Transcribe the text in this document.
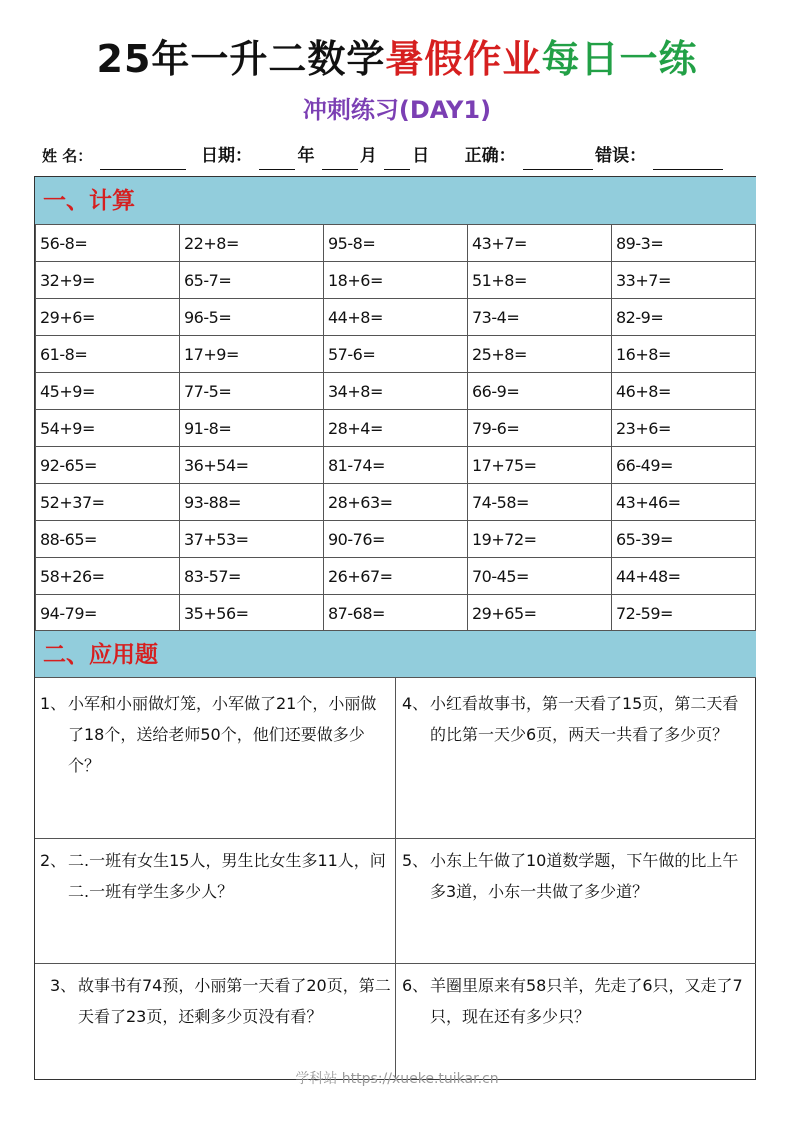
25年一升二数学暑假作业每日一练
冲刺练习(DAY1)
姓 名：	日期：	年	月 日 正确：	错误：
一、计算
56-8=	22+8=	95-8=	43+7=	89-3=
32+9=	65-7=	18+6=	51+8=	33+7=
29+6=	96-5=	44+8=	73-4=	82-9=
61-8=	17+9=	57-6=	25+8=	16+8=
45+9=	77-5=	34+8=	66-9=	46+8=
54+9=	91-8=	28+4=	79-6=	23+6=
92-65=	36+54=	81-74=	17+75=	66-49=
52+37=	93-88=	28+63=	74-58=	43+46=
88-65=	37+53=	90-76=	19+72=	65-39=
58+26=	83-57=	26+67=	70-45=	44+48=
94-79=	35+56=	87-68=	29+65=	72-59=
二、应用题
1、 小军和小丽做灯笼，小军做了21个，小丽做了18个，送给老师50个，他们还要做多少个？
4、 小红看故事书，第一天看了15页，第二天看的比第一天少6页，两天一共看了多少页？
2、 二.一班有女生15人，男生比女生多11人，问二.一班有学生多少人？
5、 小东上午做了10道数学题，下午做的比上午多3道，小东一共做了多少道？
3、 故事书有74预，小丽第一天看了20页，第二天看了23页，还剩多少页没有看？
6、 羊圈里原来有58只羊，先走了6只，又走了7只，现在还有多少只？
学科站 https://xueke.tuikar.cn
